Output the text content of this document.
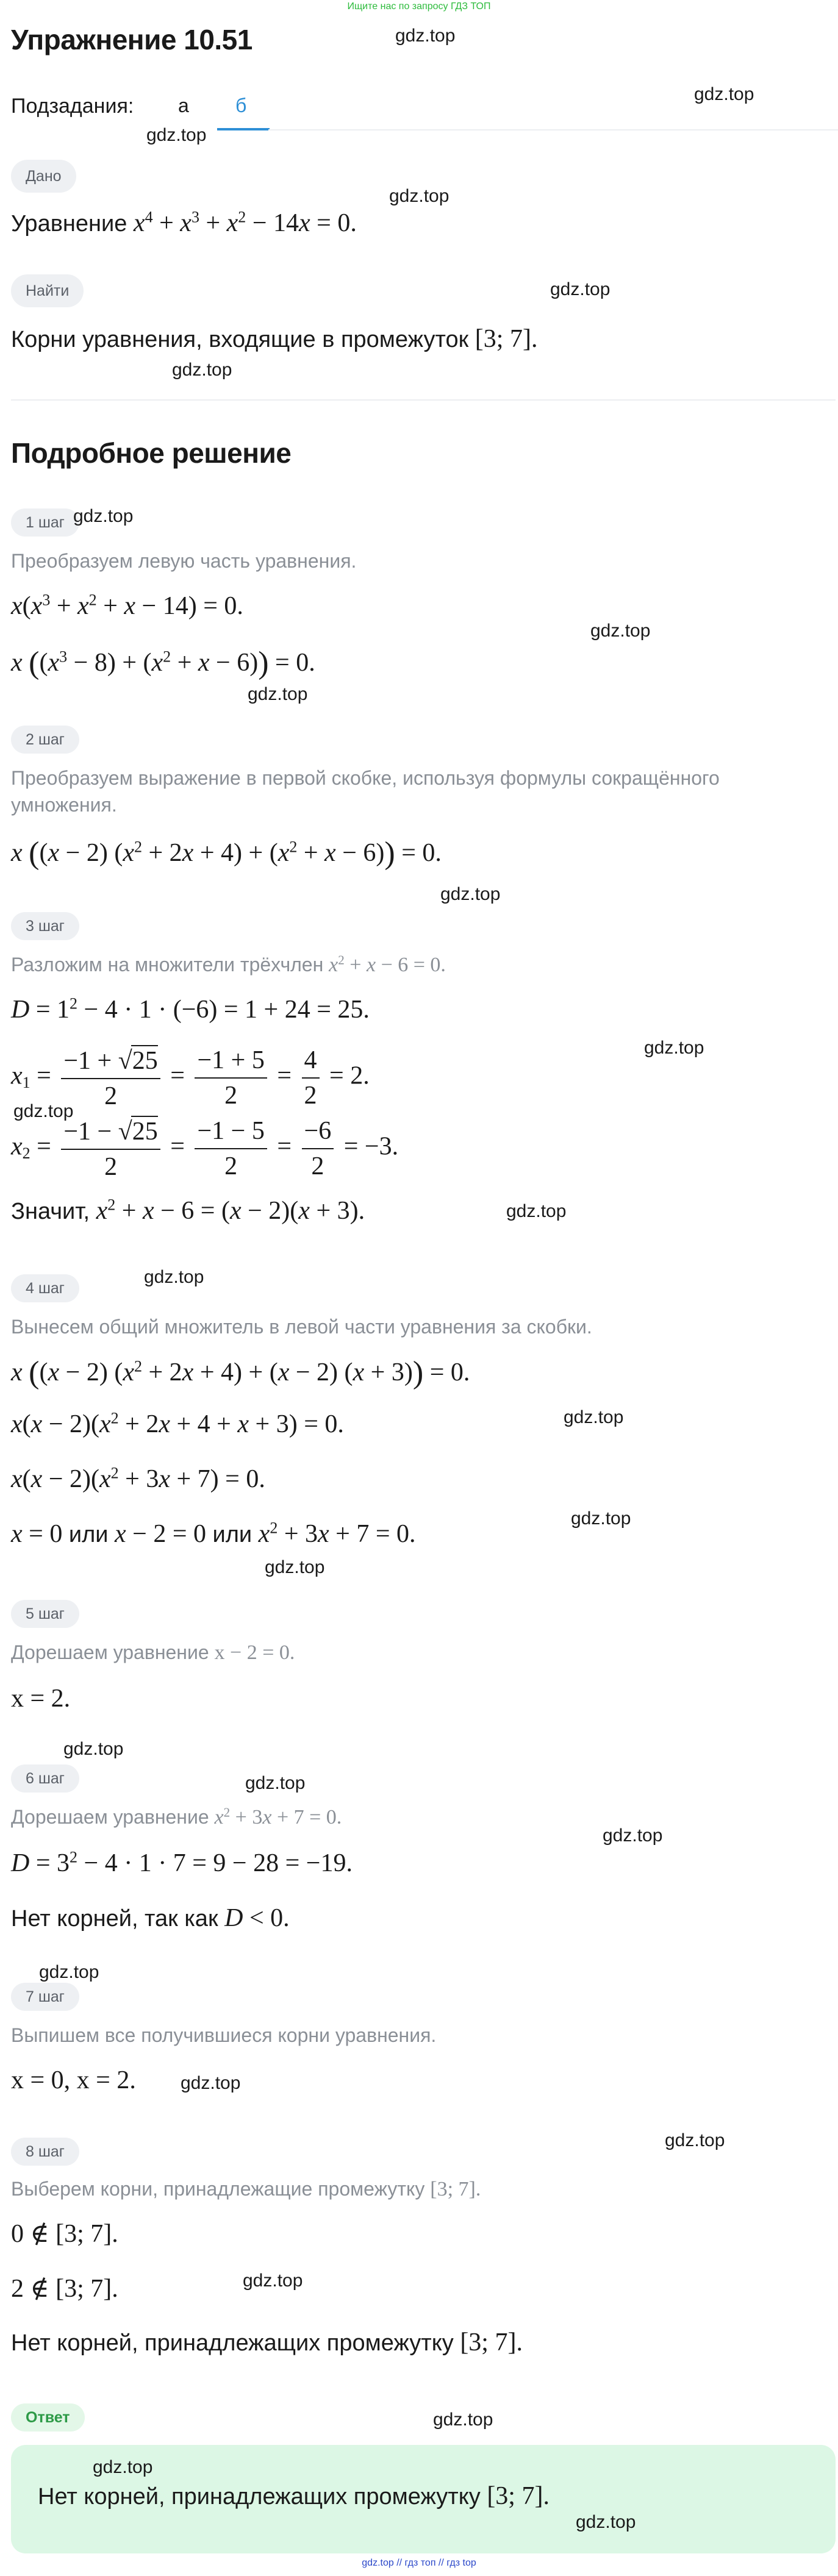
Ищите нас по запросу ГДЗ ТОП
Упражнение 10.51	gdz.top
Подзадания: а б
gdz.top
gdz.top
Дано
gdz.top
Уравнение $x^4 + x^3 + x^2 - 14x = 0$.
Найти	gdz.top
Корни уравнения, входящие в промежуток [3; 7].
gdz.top
Подробное решение
1 шаг gdz.top
Преобразуем левую часть уравнения.
$x(x^3 + x^2 + x - 14) = 0$.
gdz.top
x $((x^3 - 8) + (x^2 + x - 6)) = 0$.
gdz.top
2 шаг
Преобразуем выражение в первой скобке, используя формулы сокращённого умножения.
x ((x − 2) $(x^2 + 2x + 4) + (x^2 + x - 6)) = 0$.
gdz.top
3 шаг
Разложим на множители трёхчлен $x^2 + x - 6 = 0$.
$D = 1^2 - 4 \cdot 1 \cdot (-6) = 1 + 24 = 25$.
gdz.top
$x_1 = \frac{-1 + √25}{2} = \frac{-1 + 5}{2} = \frac{4}{2} = 2$.
gdz.top
$x_2 = \frac{-1 - √25}{2} = \frac{-1 - 5}{2} = \frac{-6}{2} = -3$.
Значит, $x^2 + x - 6 = (x - 2)(x + 3)$.	gdz.top
gdz.top
4 шаг
Вынесем общий множитель в левой части уравнения за скобки.
x ((x − 2) $(x^2 + 2x + 4) + (x - 2) (x + 3)) = 0$.
gdz.top
$x(x - 2)(x^2 + 2x + 4 + x + 3) = 0$.
$x(x - 2)(x^2 + 3x + 7) = 0$.
gdz.top
x = 0 или x − 2 = 0 или $x^2 + 3x + 7 = 0$.
gdz.top
5 шаг
Дорешаем уравнение x − 2 = 0.
x = 2.
gdz.top
6 шаг	gdz.top
Дорешаем уравнение $x^2 + 3x + 7 = 0$.
gdz.top
$D = 3^2 - 4 \cdot 1 \cdot 7 = 9 - 28 = -19$.
Нет корней, так как D < 0.
gdz.top
7 шаг
Выпишем все получившиеся корни уравнения.
x = 0, x = 2. gdz.top
gdz.top
8 шаг
Выберем корни, принадлежащие промежутку [3; 7].
0 ∉ [3; 7].
2 ∉ [3; 7].	gdz.top
Нет корней, принадлежащих промежутку [3; 7].
Ответ	gdz.top
gdz.top
Нет корней, принадлежащих промежутку [3; 7].
gdz.top
gdz.top // гдз топ // гдз top
